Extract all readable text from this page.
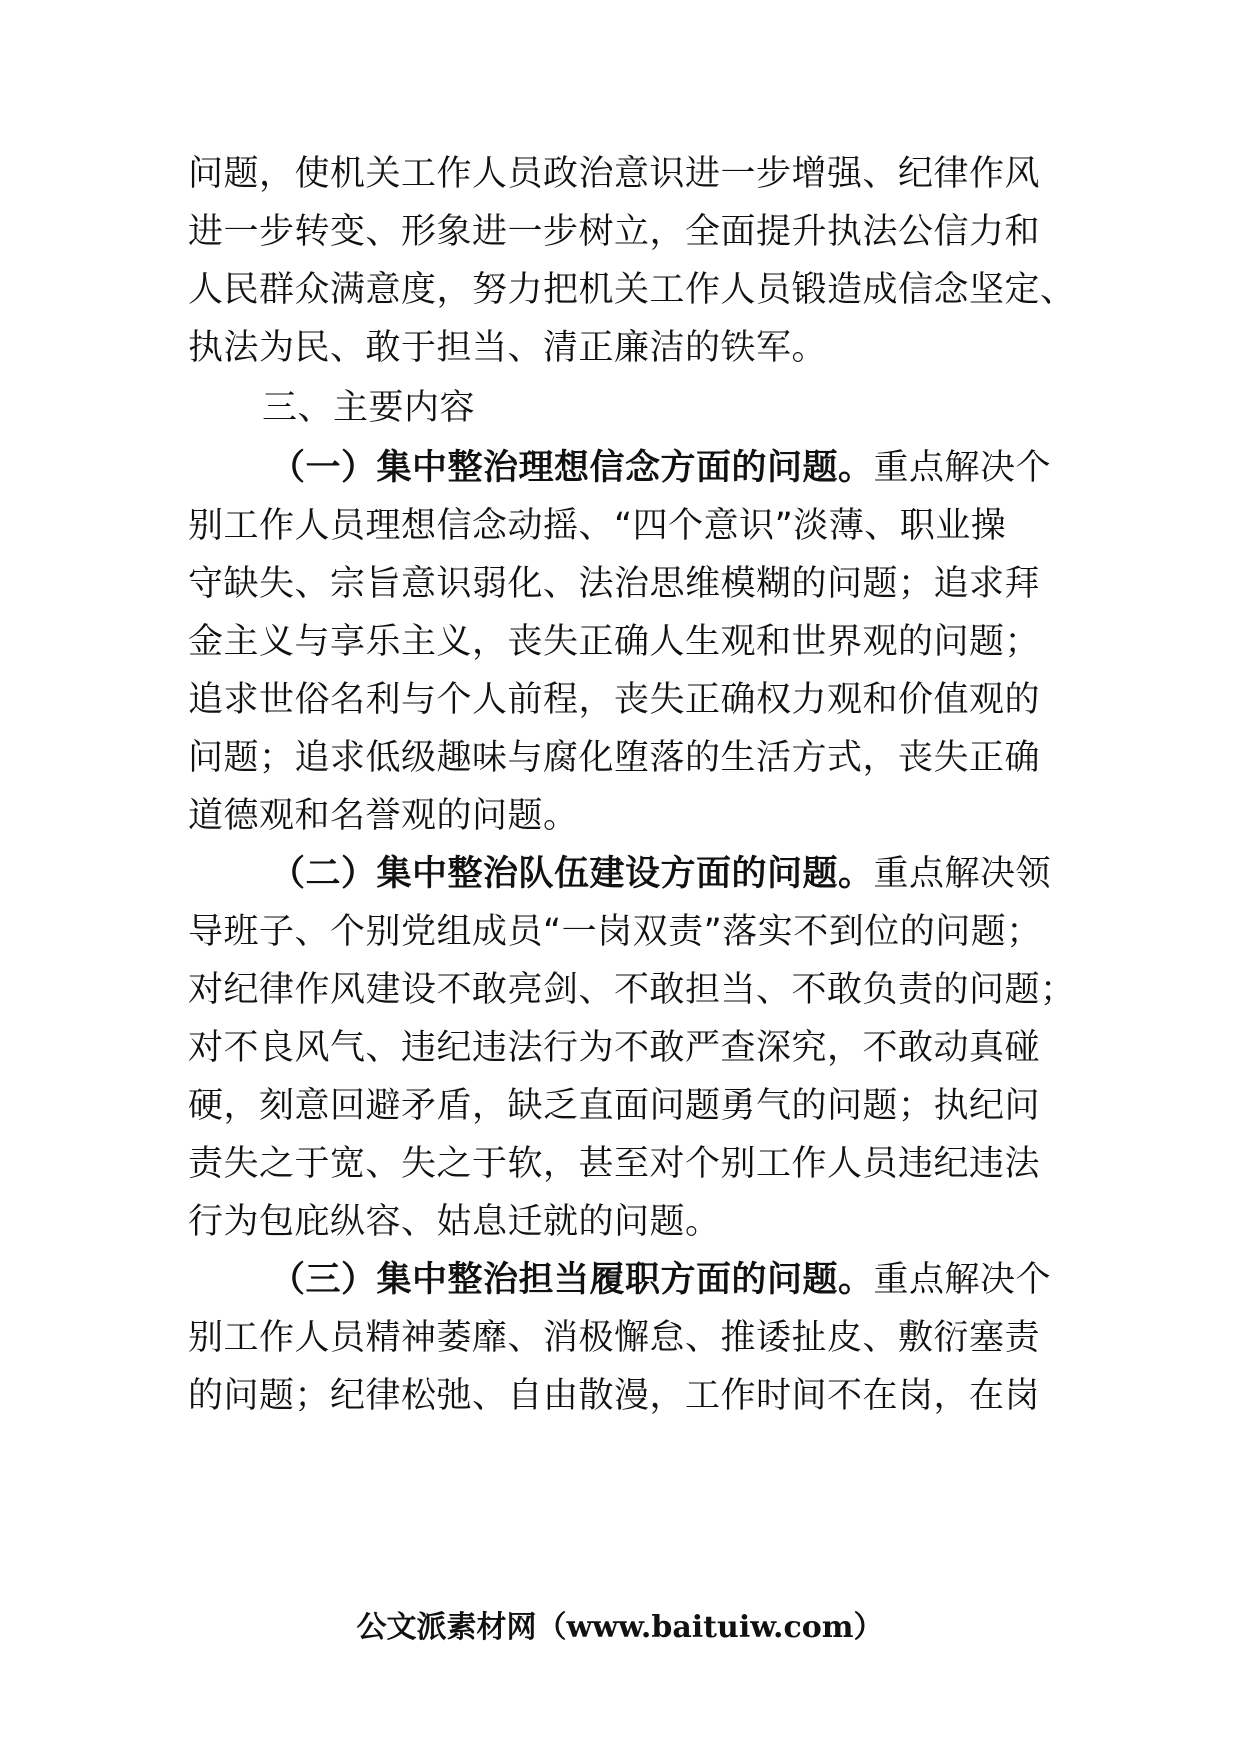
问题，使机关工作人员政治意识进一步增强、纪律作风
进一步转变、形象进一步树立，全面提升执法公信力和
人民群众满意度，努力把机关工作人员锻造成信念坚定、
执法为民、敢于担当、清正廉洁的铁军。
三、主要内容
（一）集中整治理想信念方面的问题。重点解决个
别工作人员理想信念动摇、“四个意识”淡薄、职业操
守缺失、宗旨意识弱化、法治思维模糊的问题；追求拜
金主义与享乐主义，丧失正确人生观和世界观的问题；
追求世俗名利与个人前程，丧失正确权力观和价值观的
问题；追求低级趣味与腐化堕落的生活方式，丧失正确
道德观和名誉观的问题。
（二）集中整治队伍建设方面的问题。重点解决领
导班子、个别党组成员“一岗双责”落实不到位的问题；
对纪律作风建设不敢亮剑、不敢担当、不敢负责的问题；
对不良风气、违纪违法行为不敢严查深究，不敢动真碰
硬，刻意回避矛盾，缺乏直面问题勇气的问题；执纪问
责失之于宽、失之于软，甚至对个别工作人员违纪违法
行为包庇纵容、姑息迁就的问题。
（三）集中整治担当履职方面的问题。重点解决个
别工作人员精神萎靡、消极懈怠、推诿扯皮、敷衍塞责
的问题；纪律松弛、自由散漫，工作时间不在岗，在岗
公文派素材网（www.baituiw.com）
